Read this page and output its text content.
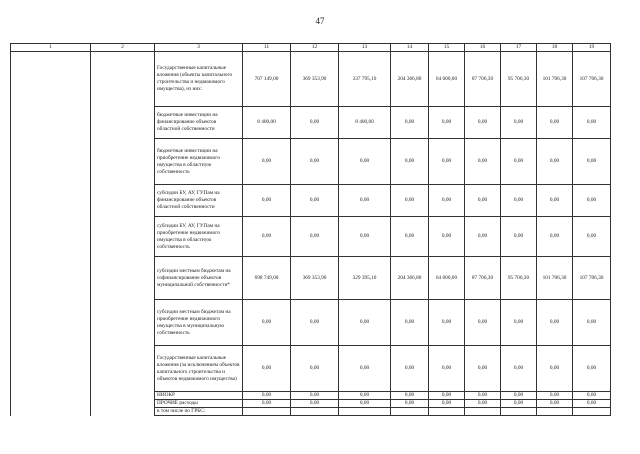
47
1	2	3	11	12	13	14	15	16	17	18	19
		Государственные капитальные вложения (объекты капитального строительства и недвижимого имущества), из них:	707 149,00	369 353,90	337 795,10	204 366,80	64 000,00	87 706,30	95 706,30	101 706,30	107 706,30
		бюджетные инвестиции на финансирование объектов областной собственности	8 400,00	0,00	8 400,00	0,00	0,00	0,00	0,00	0,00	0,00
		бюджетные инвестиции на приобретение недвижимого имущества в областную собственность	0,00	0,00	0,00	0,00	0,00	0,00	0,00	0,00	0,00
		субсидии БУ, АУ, ГУПам на финансирование объектов областной собственности	0,00	0,00	0,00	0,00	0,00	0,00	0,00	0,00	0,00
		субсидии БУ, АУ, ГУПам на приобретение недвижимого имущества в областную собственность	0,00	0,00	0,00	0,00	0,00	0,00	0,00	0,00	0,00
		субсидии местным бюджетам на софинансирование объектов муниципальной собственности*	698 749,00	369 353,90	329 395,10	204 366,80	64 000,00	87 706,30	95 706,30	101 706,30	107 706,30
		субсидии местным бюджетам на приобретение недвижимого имущества в муниципальную собственность	0,00	0,00	0,00	0,00	0,00	0,00	0,00	0,00	0,00
		Государственные капитальные вложения (за исключением объектов капитального строительства и объектов недвижимого имущества)	0,00	0,00	0,00	0,00	0,00	0,00	0,00	0,00	0,00
		НИОКР	0,00	0,00	0,00	0,00	0,00	0,00	0,00	0,00	0,00
		ПРОЧИЕ расходы	0,00	0,00	0,00	0,00	0,00	0,00	0,00	0,00	0,00
		в том числе по ГРБС:									
